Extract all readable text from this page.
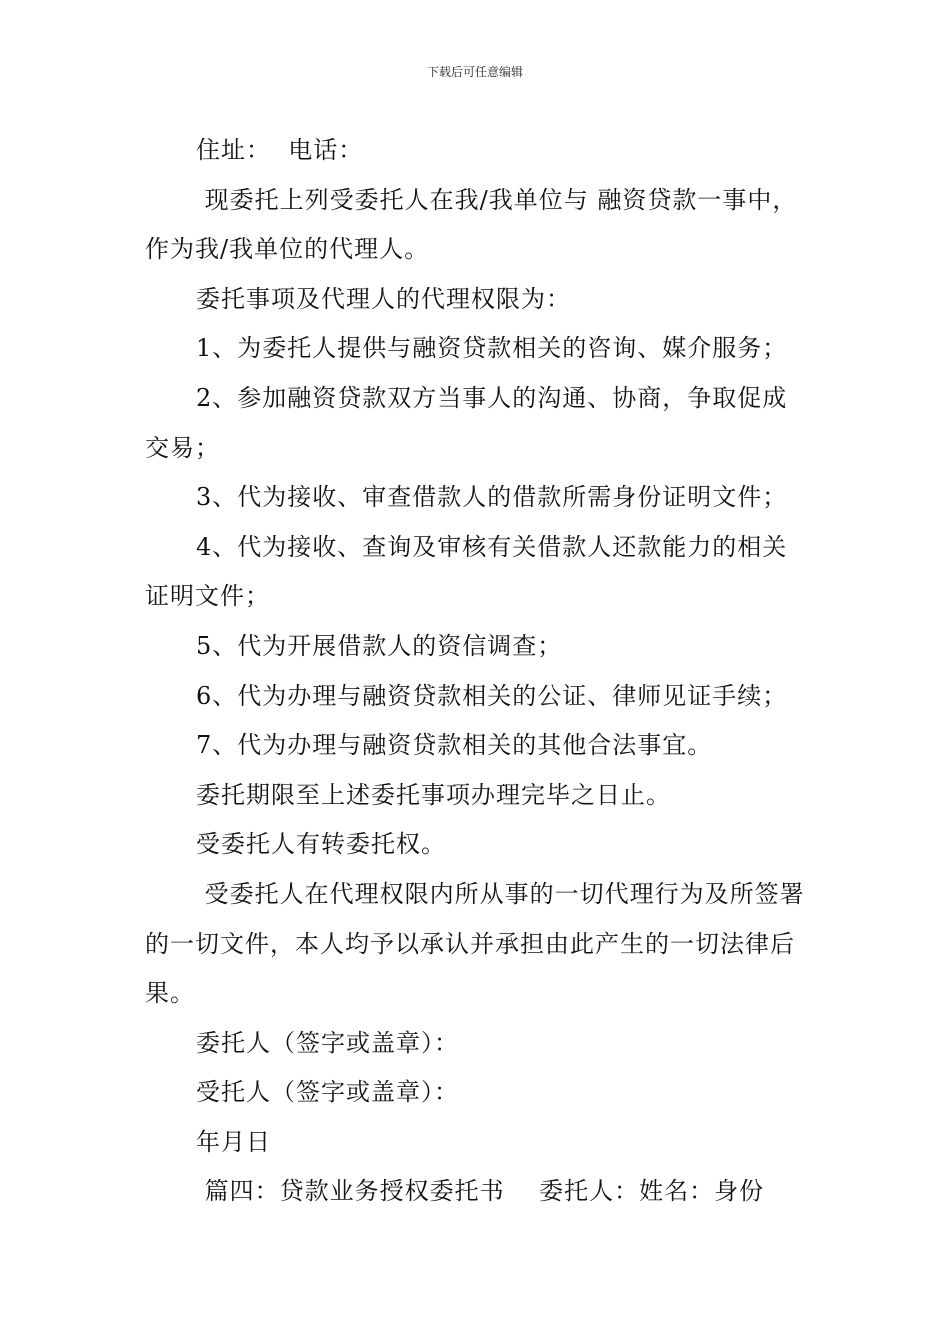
下载后可任意编辑

住址：  电话：

现委托上列受委托人在我/我单位与 融资贷款一事中，作为我/我单位的代理人。

委托事项及代理人的代理权限为：

1、为委托人提供与融资贷款相关的咨询、媒介服务；

2、参加融资贷款双方当事人的沟通、协商，争取促成交易；

3、代为接收、审查借款人的借款所需身份证明文件；

4、代为接收、查询及审核有关借款人还款能力的相关证明文件；

5、代为开展借款人的资信调查；

6、代为办理与融资贷款相关的公证、律师见证手续；

7、代为办理与融资贷款相关的其他合法事宜。

委托期限至上述委托事项办理完毕之日止。

受委托人有转委托权。

受委托人在代理权限内所从事的一切代理行为及所签署的一切文件，本人均予以承认并承担由此产生的一切法律后果。

委托人（签字或盖章）：

受托人（签字或盖章）：

年月日

篇四：贷款业务授权委托书    委托人：姓名：身份
